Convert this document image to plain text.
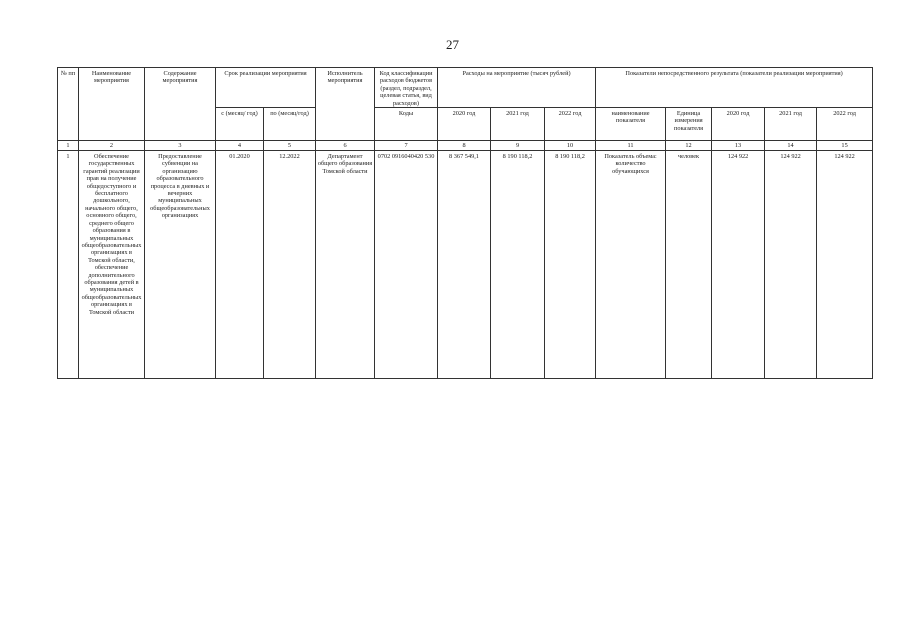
27
№ пп	Наименование мероприятия	Содержание мероприятия	Срок реализации мероприятия		Исполнитель мероприятия	Код классификации расходов бюджетов (раздел, подраздел, целевая статья, вид расходов)	Расходы на мероприятие (тысяч рублей)			Показатели непосредственного результата (показатели реализации мероприятия)				
			с (месяц/ год)	по (месяц/год)		Коды	2020 год	2021 год	2022 год	наименование показателя	Единица измерения показателя	2020 год	2021 год	2022 год
1	2	3	4	5	6	7	8	9	10	11	12	13	14	15
1	Обеспечение государственных гарантий реализации прав на получение общедоступного и бесплатного дошкольного, начального общего, основного общего, среднего общего образования в муниципальных общеобразовательных организациях в Томской области, обеспечение дополнительного образования детей в муниципальных общеобразовательных организациях в Томской области	Предоставление субвенции на организацию образовательного процесса в дневных и вечерних муниципальных общеобразовательных организациях	01.2020	12.2022	Департамент общего образования Томской области	0702 0916040420 530	8 367 549,1	8 190 118,2	8 190 118,2	Показатель объема: количество обучающихся	человек	124 922	124 922	124 922
